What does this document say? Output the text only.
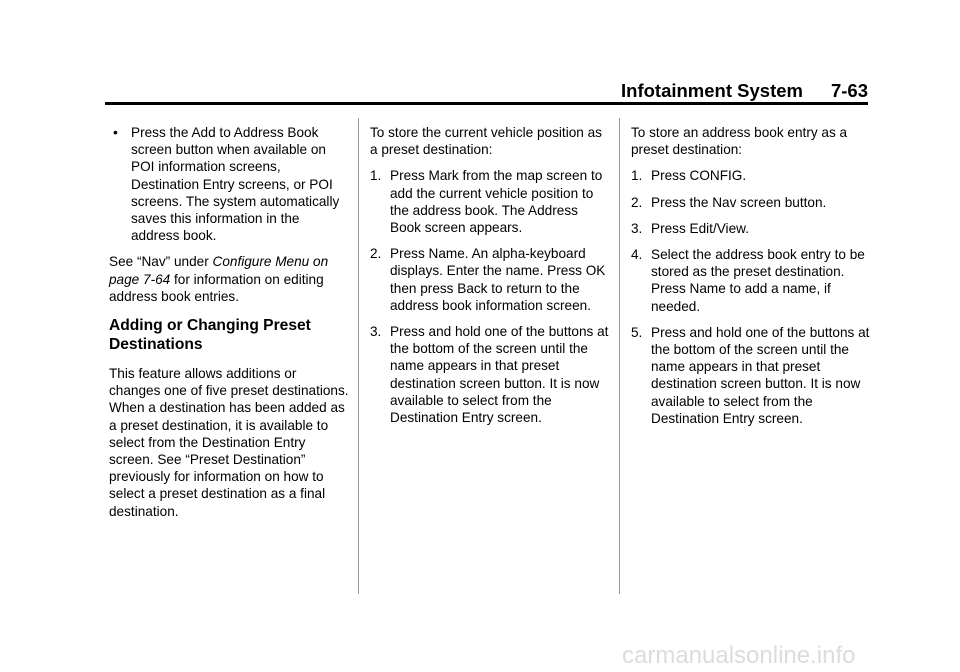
Infotainment System 7-63
• Press the Add to Address Book screen button when available on POI information screens, Destination Entry screens, or POI screens. The system automatically saves this information in the address book.

See “Nav” under Configure Menu on page 7‑64 for information on editing address book entries.

Adding or Changing Preset Destinations

This feature allows additions or changes one of five preset destinations. When a destination has been added as a preset destination, it is available to select from the Destination Entry screen. See “Preset Destination” previously for information on how to select a preset destination as a final destination.

To store the current vehicle position as a preset destination:

1. Press Mark from the map screen to add the current vehicle position to the address book. The Address Book screen appears.
2. Press Name. An alpha-keyboard displays. Enter the name. Press OK then press Back to return to the address book information screen.
3. Press and hold one of the buttons at the bottom of the screen until the name appears in that preset destination screen button. It is now available to select from the Destination Entry screen.

To store an address book entry as a preset destination:

1. Press CONFIG.
2. Press the Nav screen button.
3. Press Edit/View.
4. Select the address book entry to be stored as the preset destination. Press Name to add a name, if needed.
5. Press and hold one of the buttons at the bottom of the screen until the name appears in that preset destination screen button. It is now available to select from the Destination Entry screen.
carmanualsonline.info
